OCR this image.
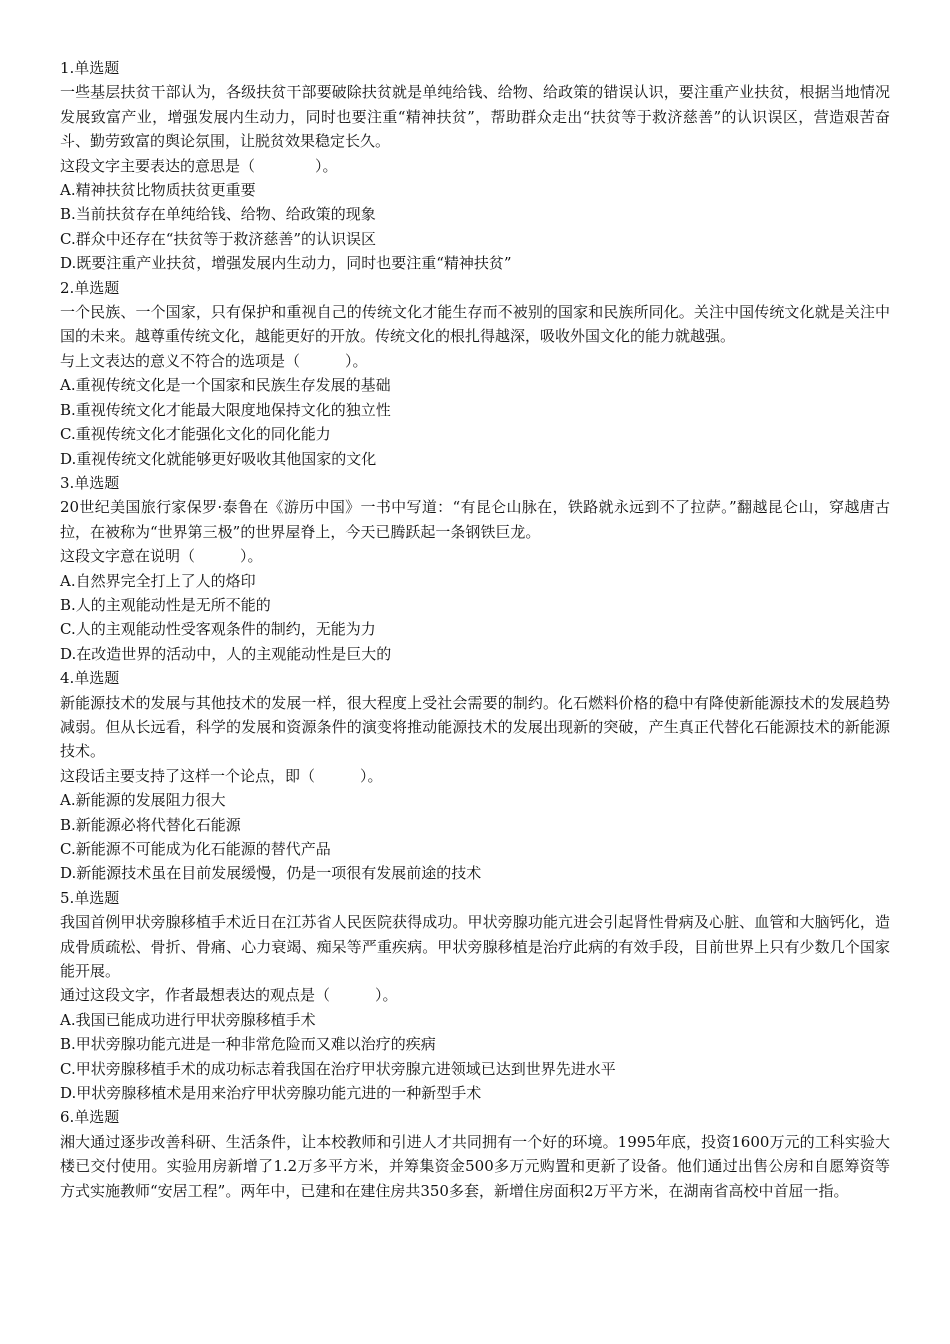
1.单选题
一些基层扶贫干部认为，各级扶贫干部要破除扶贫就是单纯给钱、给物、给政策的错误认识，要注重产业扶贫，根据当地情况发展致富产业，增强发展内生动力，同时也要注重“精神扶贫”，帮助群众走出“扶贫等于救济慈善”的认识误区，营造艰苦奋斗、勤劳致富的舆论氛围，让脱贫效果稳定长久。
这段文字主要表达的意思是（　　　　）。
A.精神扶贫比物质扶贫更重要
B.当前扶贫存在单纯给钱、给物、给政策的现象
C.群众中还存在“扶贫等于救济慈善”的认识误区
D.既要注重产业扶贫，增强发展内生动力，同时也要注重“精神扶贫”
2.单选题
一个民族、一个国家，只有保护和重视自己的传统文化才能生存而不被别的国家和民族所同化。关注中国传统文化就是关注中国的未来。越尊重传统文化，越能更好的开放。传统文化的根扎得越深，吸收外国文化的能力就越强。
与上文表达的意义不符合的选项是（　　　）。
A.重视传统文化是一个国家和民族生存发展的基础
B.重视传统文化才能最大限度地保持文化的独立性
C.重视传统文化才能强化文化的同化能力
D.重视传统文化就能够更好吸收其他国家的文化
3.单选题
20世纪美国旅行家保罗·泰鲁在《游历中国》一书中写道：“有昆仑山脉在，铁路就永远到不了拉萨。”翻越昆仑山，穿越唐古拉，在被称为“世界第三极”的世界屋脊上，今天已腾跃起一条钢铁巨龙。
这段文字意在说明（　　　）。
A.自然界完全打上了人的烙印
B.人的主观能动性是无所不能的
C.人的主观能动性受客观条件的制约，无能为力
D.在改造世界的活动中，人的主观能动性是巨大的
4.单选题
新能源技术的发展与其他技术的发展一样，很大程度上受社会需要的制约。化石燃料价格的稳中有降使新能源技术的发展趋势减弱。但从长远看，科学的发展和资源条件的演变将推动能源技术的发展出现新的突破，产生真正代替化石能源技术的新能源技术。
这段话主要支持了这样一个论点，即（　　　）。
A.新能源的发展阻力很大
B.新能源必将代替化石能源
C.新能源不可能成为化石能源的替代产品
D.新能源技术虽在目前发展缓慢，仍是一项很有发展前途的技术
5.单选题
我国首例甲状旁腺移植手术近日在江苏省人民医院获得成功。甲状旁腺功能亢进会引起肾性骨病及心脏、血管和大脑钙化，造成骨质疏松、骨折、骨痛、心力衰竭、痴呆等严重疾病。甲状旁腺移植是治疗此病的有效手段，目前世界上只有少数几个国家能开展。
通过这段文字，作者最想表达的观点是（　　　）。
A.我国已能成功进行甲状旁腺移植手术
B.甲状旁腺功能亢进是一种非常危险而又难以治疗的疾病
C.甲状旁腺移植手术的成功标志着我国在治疗甲状旁腺亢进领域已达到世界先进水平
D.甲状旁腺移植术是用来治疗甲状旁腺功能亢进的一种新型手术
6.单选题
湘大通过逐步改善科研、生活条件，让本校教师和引进人才共同拥有一个好的环境。1995年底，投资1600万元的工科实验大楼已交付使用。实验用房新增了1.2万多平方米，并筹集资金500多万元购置和更新了设备。他们通过出售公房和自愿筹资等方式实施教师“安居工程”。两年中，已建和在建住房共350多套，新增住房面积2万平方米，在湖南省高校中首屈一指。
